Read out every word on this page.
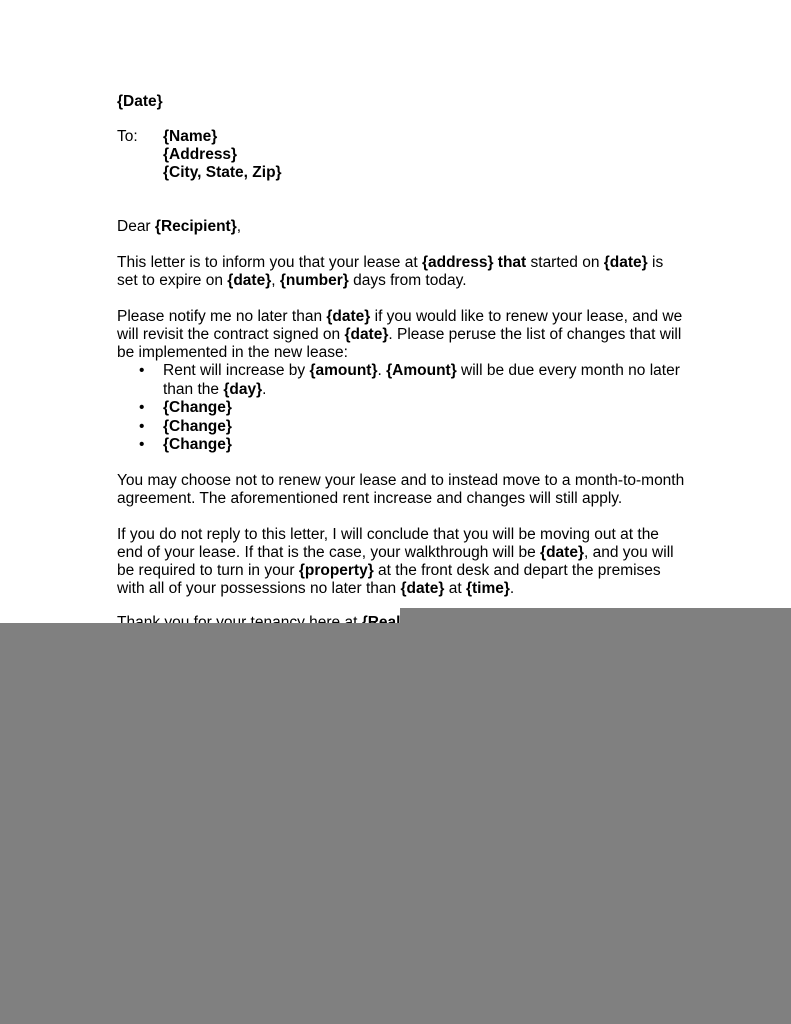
{Date}
To: {Name}
{Address}
{City, State, Zip}

Dear {Recipient},

This letter is to inform you that your lease at {address} that started on {date} is set to expire on {date}, {number} days from today.

Please notify me no later than {date} if you would like to renew your lease, and we will revisit the contract signed on {date}. Please peruse the list of changes that will be implemented in the new lease:

• Rent will increase by {amount}. {Amount} will be due every month no later than the {day}.
• {Change}
• {Change}
• {Change}

You may choose not to renew your lease and to instead move to a month-to-month agreement. The aforementioned rent increase and changes will still apply.

If you do not reply to this letter, I will conclude that you will be moving out at the end of your lease. If that is the case, your walkthrough will be {date}, and you will be required to turn in your {property} at the front desk and depart the premises with all of your possessions no later than {date} at {time}.
